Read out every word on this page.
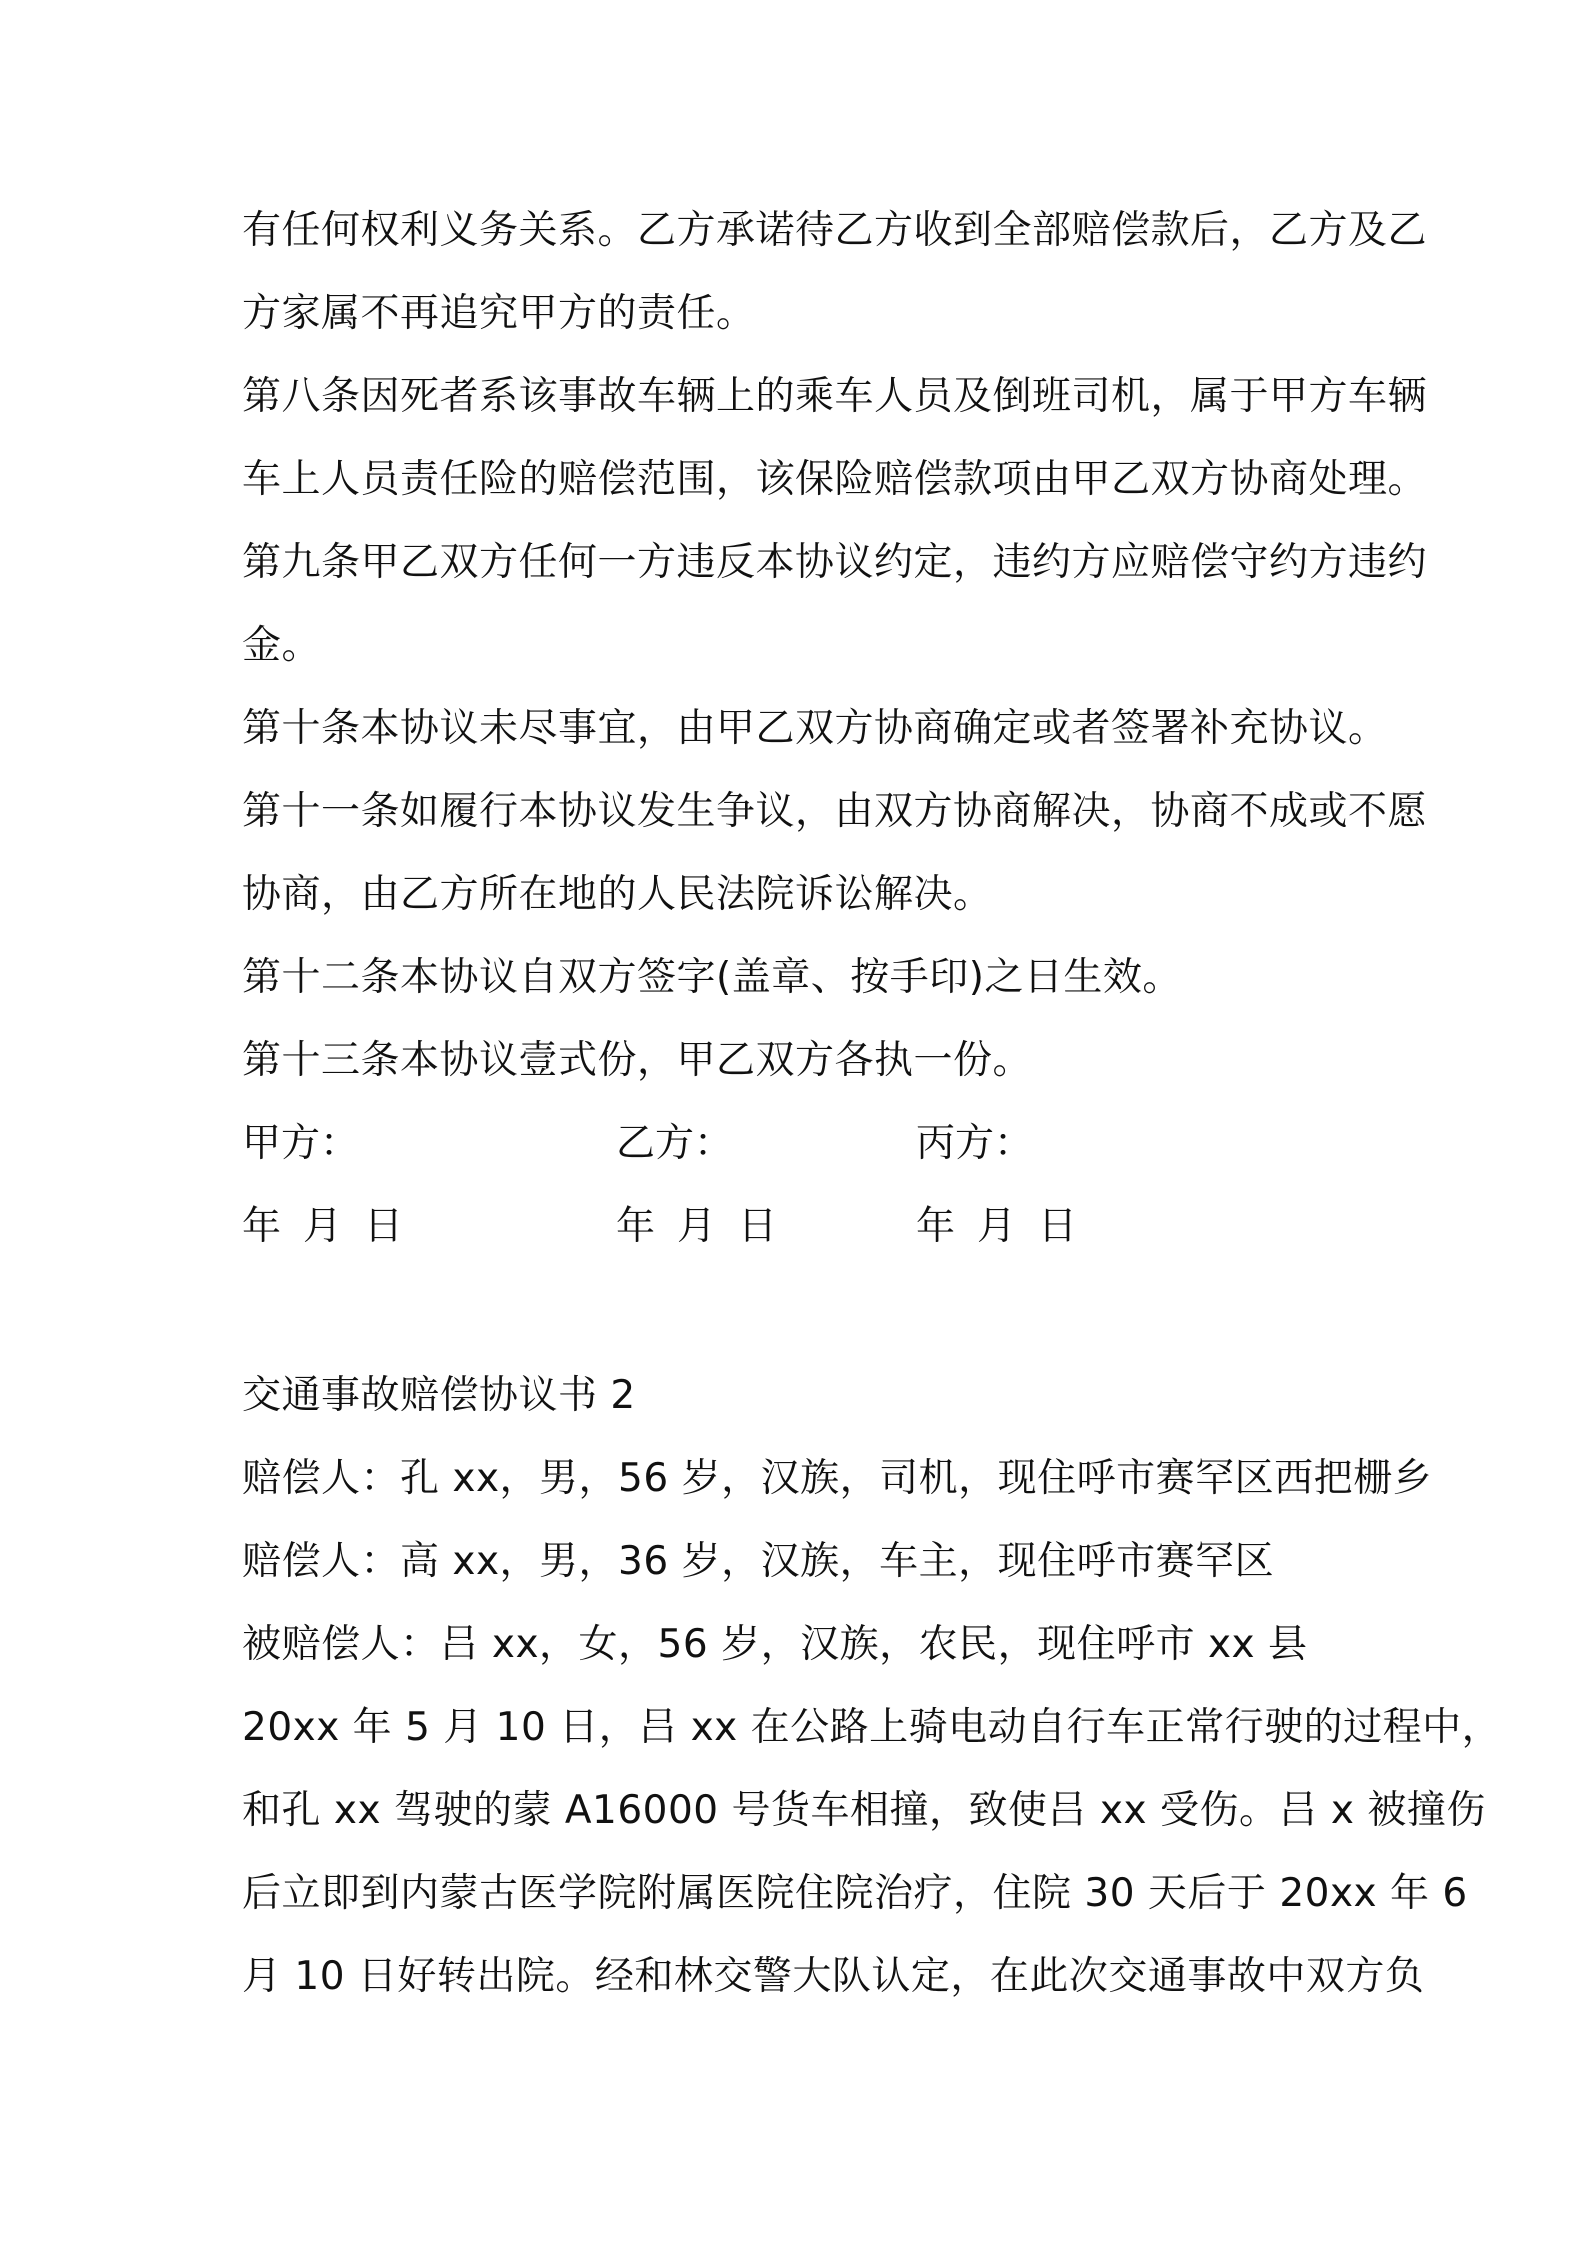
有任何权利义务关系。乙方承诺待乙方收到全部赔偿款后，乙方及乙
方家属不再追究甲方的责任。
第八条因死者系该事故车辆上的乘车人员及倒班司机，属于甲方车辆
车上人员责任险的赔偿范围，该保险赔偿款项由甲乙双方协商处理。
第九条甲乙双方任何一方违反本协议约定，违约方应赔偿守约方违约
金。
第十条本协议未尽事宜，由甲乙双方协商确定或者签署补充协议。
第十一条如履行本协议发生争议，由双方协商解决，协商不成或不愿
协商，由乙方所在地的人民法院诉讼解决。
第十二条本协议自双方签字(盖章、按手印)之日生效。
第十三条本协议壹式份，甲乙双方各执一份。
甲方：	乙方：	丙方：
年 月 日	年 月 日	年 月 日
交通事故赔偿协议书 2
赔偿人：孔 xx，男，56 岁，汉族，司机，现住呼市赛罕区西把栅乡
赔偿人：高 xx，男，36 岁，汉族，车主，现住呼市赛罕区
被赔偿人：吕 xx，女，56 岁，汉族，农民，现住呼市 xx 县
20xx 年 5 月 10 日，吕 xx 在公路上骑电动自行车正常行驶的过程中，
和孔 xx 驾驶的蒙 A16000 号货车相撞，致使吕 xx 受伤。吕 x 被撞伤
后立即到内蒙古医学院附属医院住院治疗，住院 30 天后于 20xx 年 6
月 10 日好转出院。经和林交警大队认定，在此次交通事故中双方负
